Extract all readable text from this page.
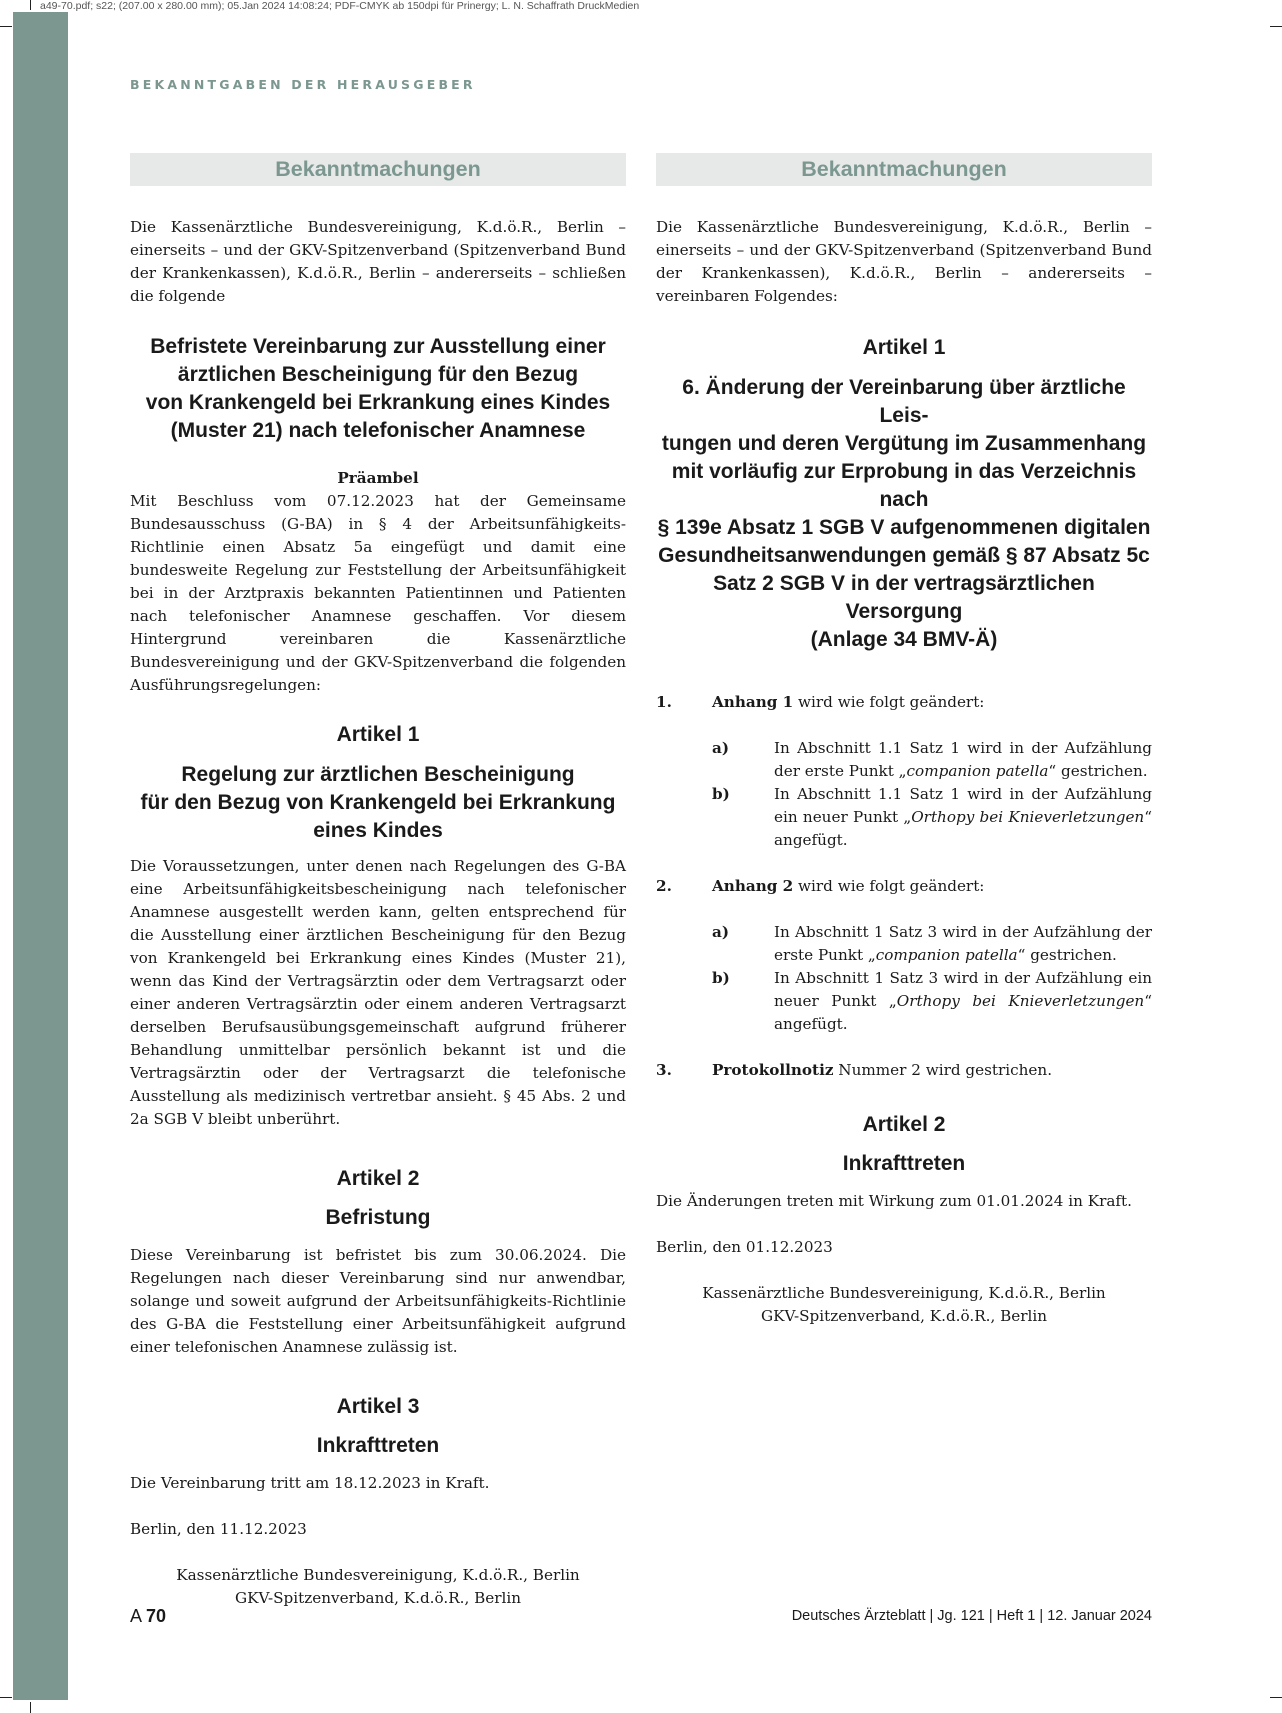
a49-70.pdf; s22; (207.00 x 280.00 mm); 05.Jan 2024 14:08:24; PDF-CMYK ab 150dpi für Prinergy; L. N. Schaffrath DruckMedien
BEKANNTGABEN DER HERAUSGEBER
Bekanntmachungen

Die Kassenärztliche Bundesvereinigung, K.d.ö.R., Berlin – einerseits – und der GKV-Spitzenverband (Spitzenverband Bund der Krankenkassen), K.d.ö.R., Berlin – andererseits – schließen die folgende

Befristete Vereinbarung zur Ausstellung einer
ärztlichen Bescheinigung für den Bezug
von Krankengeld bei Erkrankung eines Kindes
(Muster 21) nach telefonischer Anamnese
Präambel

Mit Beschluss vom 07.12.2023 hat der Gemeinsame Bundesausschuss (G-BA) in § 4 der Arbeitsunfähigkeits-Richtlinie einen Absatz 5a eingefügt und damit eine bundesweite Regelung zur Feststellung der Arbeitsunfähigkeit bei in der Arztpraxis bekannten Patientinnen und Patienten nach telefonischer Anamnese geschaffen. Vor diesem Hintergrund vereinbaren die Kassenärztliche Bundesvereinigung und der GKV-Spitzenverband die folgenden Ausführungsregelungen:

Artikel 1
Regelung zur ärztlichen Bescheinigung
für den Bezug von Krankengeld bei Erkrankung
eines Kindes

Die Voraussetzungen, unter denen nach Regelungen des G-BA eine Arbeitsunfähigkeitsbescheinigung nach telefonischer Anamnese ausgestellt werden kann, gelten entsprechend für die Ausstellung einer ärztlichen Bescheinigung für den Bezug von Krankengeld bei Erkrankung eines Kindes (Muster 21), wenn das Kind der Vertragsärztin oder dem Vertragsarzt oder einer anderen Vertragsärztin oder einem anderen Vertragsarzt derselben Berufsausübungsgemeinschaft aufgrund früherer Behandlung unmittelbar persönlich bekannt ist und die Vertragsärztin oder der Vertragsarzt die telefonische Ausstellung als medizinisch vertretbar ansieht. § 45 Abs. 2 und 2a SGB V bleibt unberührt.

Artikel 2
Befristung

Diese Vereinbarung ist befristet bis zum 30.06.2024. Die Regelungen nach dieser Vereinbarung sind nur anwendbar, solange und soweit aufgrund der Arbeitsunfähigkeits-Richtlinie des G-BA die Feststellung einer Arbeitsunfähigkeit aufgrund einer telefonischen Anamnese zulässig ist.

Artikel 3
Inkrafttreten

Die Vereinbarung tritt am 18.12.2023 in Kraft.

Berlin, den 11.12.2023

Kassenärztliche Bundesvereinigung, K.d.ö.R., Berlin
GKV-Spitzenverband, K.d.ö.R., Berlin
Bekanntmachungen

Die Kassenärztliche Bundesvereinigung, K.d.ö.R., Berlin – einerseits – und der GKV-Spitzenverband (Spitzenverband Bund der Krankenkassen), K.d.ö.R., Berlin – andererseits – vereinbaren Folgendes:

Artikel 1
6. Änderung der Vereinbarung über ärztliche Leis-
tungen und deren Vergütung im Zusammenhang
mit vorläufig zur Erprobung in das Verzeichnis nach
§ 139e Absatz 1 SGB V aufgenommenen digitalen
Gesundheitsanwendungen gemäß § 87 Absatz 5c
Satz 2 SGB V in der vertragsärztlichen Versorgung
(Anlage 34 BMV-Ä)
1.	Anhang 1 wird wie folgt geändert:
a)	In Abschnitt 1.1 Satz 1 wird in der Aufzählung der erste Punkt „companion patella“ gestrichen.
b)	In Abschnitt 1.1 Satz 1 wird in der Aufzählung ein neuer Punkt „Orthopy bei Knieverletzungen“ angefügt.
2.	Anhang 2 wird wie folgt geändert:
a)	In Abschnitt 1 Satz 3 wird in der Aufzählung der erste Punkt „companion patella“ gestrichen.
b)	In Abschnitt 1 Satz 3 wird in der Aufzählung ein neuer Punkt „Orthopy bei Knieverletzungen“ angefügt.
3.	Protokollnotiz Nummer 2 wird gestrichen.
Artikel 2
Inkrafttreten

Die Änderungen treten mit Wirkung zum 01.01.2024 in Kraft.

Berlin, den 01.12.2023

Kassenärztliche Bundesvereinigung, K.d.ö.R., Berlin
GKV-Spitzenverband, K.d.ö.R., Berlin
A 70	Deutsches Ärzteblatt | Jg. 121 | Heft 1 | 12. Januar 2024
